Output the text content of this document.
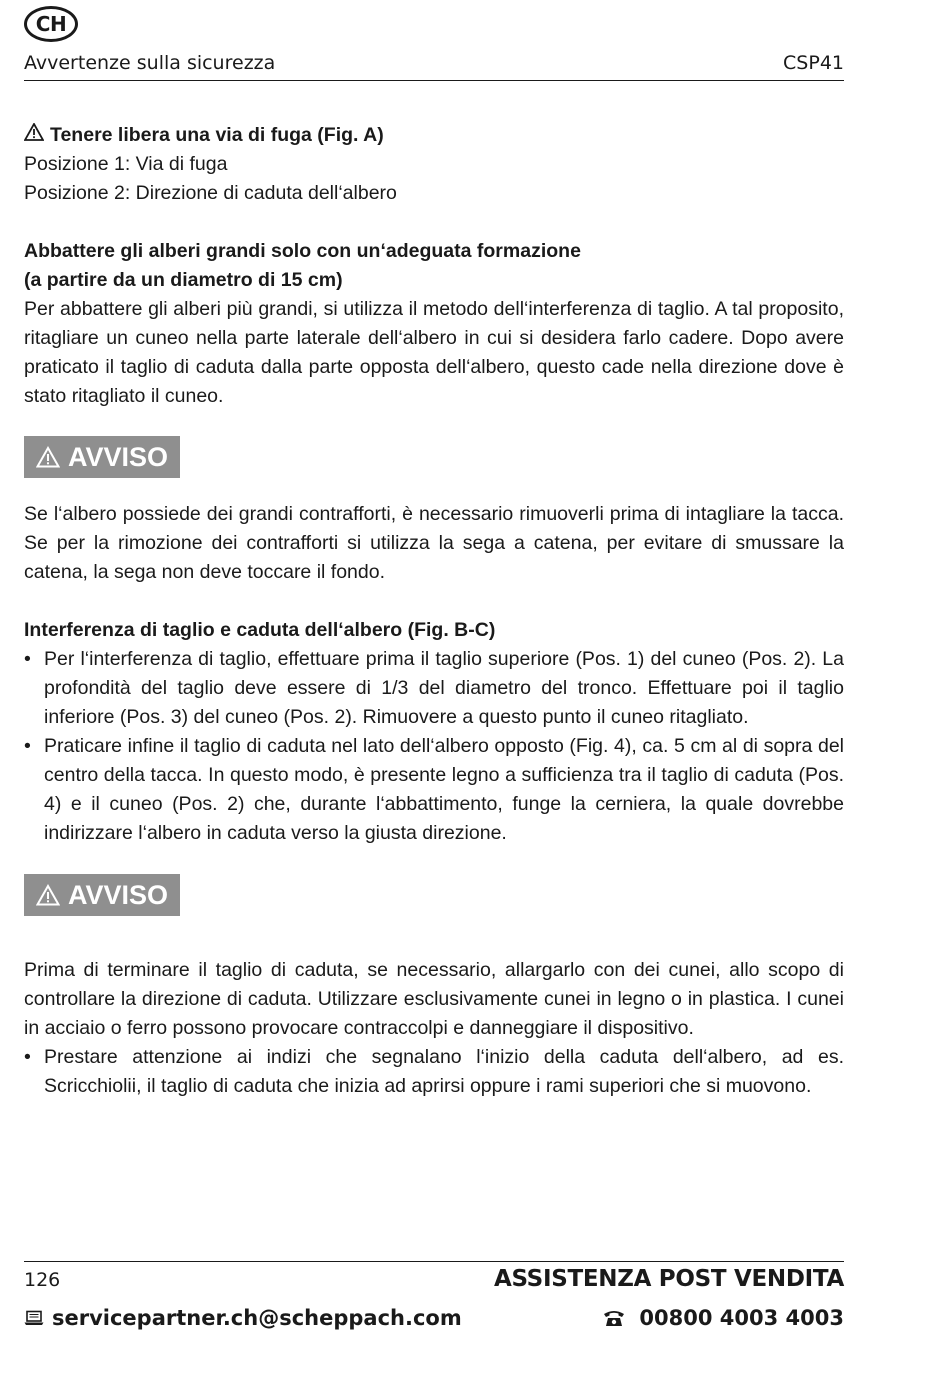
CH
Avvertenze sulla sicurezza	CSP41

Tenere libera una via di fuga (Fig. A)

Posizione 1: Via di fuga

Posizione 2: Direzione di caduta dell‘albero

Abbattere gli alberi grandi solo con un‘adeguata formazione

(a partire da un diametro di 15 cm)

Per abbattere gli alberi più grandi, si utilizza il metodo dell‘interferenza di taglio. A tal proposito, ritagliare un cuneo nella parte laterale dell‘albero in cui si desidera farlo cadere. Dopo avere praticato il taglio di caduta dalla parte opposta dell‘albero, questo cade nella direzione dove è stato ritagliato il cuneo.

AVVISO

Se l‘albero possiede dei grandi contrafforti, è necessario rimuoverli prima di intagliare la tacca. Se per la rimozione dei contrafforti si utilizza la sega a catena, per evitare di smussare la catena, la sega non deve toccare il fondo.

Interferenza di taglio e caduta dell‘albero (Fig. B-C)

• Per l‘interferenza di taglio, effettuare prima il taglio superiore (Pos. 1) del cuneo (Pos. 2). La profondità del taglio deve essere di 1/3 del diametro del tronco. Effettuare poi il taglio inferiore (Pos. 3) del cuneo (Pos. 2). Rimuovere a questo punto il cuneo ritagliato.
• Praticare infine il taglio di caduta nel lato dell‘albero opposto (Fig. 4), ca. 5 cm al di sopra del centro della tacca. In questo modo, è presente legno a sufficienza tra il taglio di caduta (Pos. 4) e il cuneo (Pos. 2) che, durante l‘abbattimento, funge la cerniera, la quale dovrebbe indirizzare l‘albero in caduta verso la giusta direzione.
AVVISO

Prima di terminare il taglio di caduta, se necessario, allargarlo con dei cunei, allo scopo di controllare la direzione di caduta. Utilizzare esclusivamente cunei in legno o in plastica. I cunei in acciaio o ferro possono provocare contraccolpi e danneggiare il dispositivo.

• Prestare attenzione ai indizi che segnalano l‘inizio della caduta dell‘albero, ad es. Scricchiolii, il taglio di caduta che inizia ad aprirsi oppure i rami superiori che si muovono.
126	ASSISTENZA POST VENDITA
servicepartner.ch@scheppach.com	00800 4003 4003
